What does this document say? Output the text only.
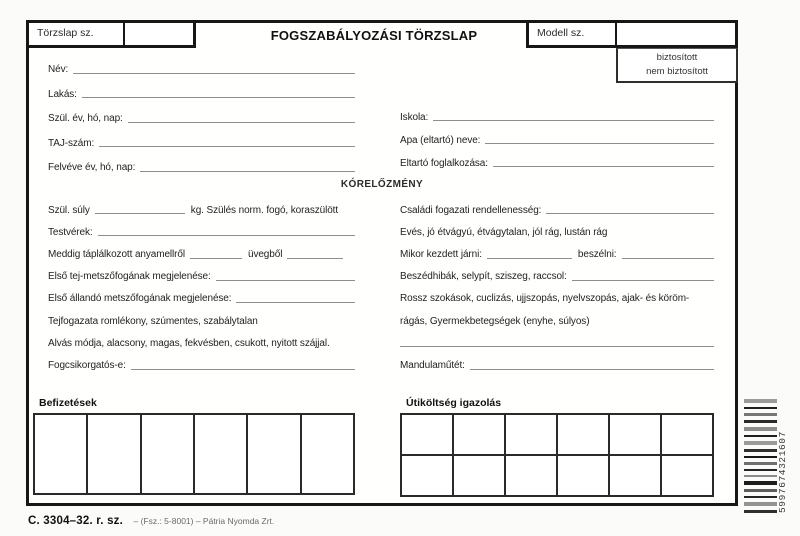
Törzslap sz.	FOGSZABÁLYOZÁSI TÖRZSLAP	Modell sz.
biztosított
nem biztosított
Név:
Lakás:
Szül. év, hó, nap:
TAJ-szám:
Felvéve év, hó, nap:
Iskola:
Apa (eltartó) neve:
Eltartó foglalkozása:
KÓRELŐZMÉNY
Szül. súly	kg. Szülés norm. fogó, koraszülött
Testvérek:
Meddig táplálkozott anyamellről	üvegből
Első tej-metszőfogának megjelenése:
Első állandó metszőfogának megjelenése:
Tejfogazata romlékony, szúmentes, szabálytalan
Alvás módja, alacsony, magas, fekvésben, csukott, nyitott szájjal.
Fogcsikorgatós-e:
Családi fogazati rendellenesség:
Evés, jó étvágyú, étvágytalan, jól rág, lustán rág
Mikor kezdett járni:	beszélni:
Beszédhibák, selypít, sziszeg, raccsol:
Rossz szokások, cuclizás, ujjszopás, nyelvszopás, ajak- és köröm-
rágás, Gyermekbetegségek (enyhe, súlyos)
Mandulaműtét:
Befizetések	Útiköltség igazolás
C. 3304–32. r. sz. – (Fsz.: 5-8001) – Pátria Nyomda Zrt.
5997674321607
